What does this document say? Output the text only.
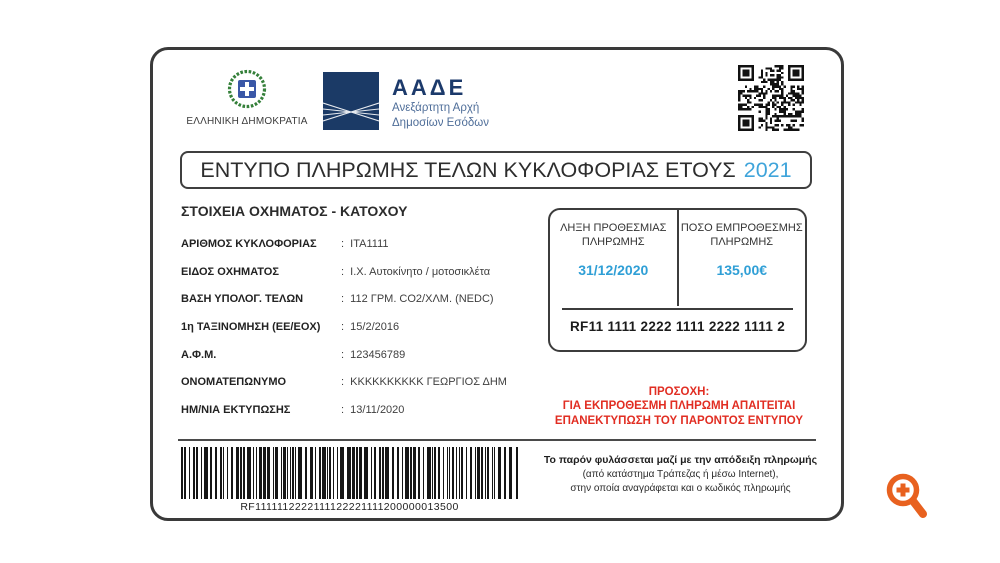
ΕΛΛΗΝΙΚΗ ΔΗΜΟΚΡΑΤΙΑ
ΑΑΔΕ
Ανεξάρτητη Αρχή
Δημοσίων Εσόδων
ΕΝΤΥΠΟ ΠΛΗΡΩΜΗΣ ΤΕΛΩΝ ΚΥΚΛΟΦΟΡΙΑΣ ΕΤΟΥΣ 2021
ΣΤΟΙΧΕΙΑ ΟΧΗΜΑΤΟΣ - ΚΑΤΟΧΟΥ
ΑΡΙΘΜΟΣ ΚΥΚΛΟΦΟΡΙΑΣ	:  ITA1111
ΕΙΔΟΣ ΟΧΗΜΑΤΟΣ	:  Ι.Χ. Αυτοκίνητο / μοτοσικλέτα
ΒΑΣΗ ΥΠΟΛΟΓ. ΤΕΛΩΝ	:  112 ΓΡΜ. CO2/ΧΛΜ. (NEDC)
1η ΤΑΞΙΝΟΜΗΣΗ (ΕΕ/ΕΟΧ)	:  15/2/2016
Α.Φ.Μ.	:  123456789
ΟΝΟΜΑΤΕΠΩΝΥΜΟ	:  ΚΚΚΚΚΚΚΚΚΚ ΓΕΩΡΓΙΟΣ ΔΗΜ
ΗΜ/ΝΙΑ ΕΚΤΥΠΩΣΗΣ	:  13/11/2020
ΛΗΞΗ ΠΡΟΘΕΣΜΙΑΣ ΠΛΗΡΩΜΗΣ
31/12/2020
ΠΟΣΟ ΕΜΠΡΟΘΕΣΜΗΣ ΠΛΗΡΩΜΗΣ
135,00€
RF11 1111 2222 1111 2222 1111 2
ΠΡΟΣΟΧΗ:
ΓΙΑ ΕΚΠΡΟΘΕΣΜΗ ΠΛΗΡΩΜΗ ΑΠΑΙΤΕΙΤΑΙ
ΕΠΑΝΕΚΤΥΠΩΣΗ ΤΟΥ ΠΑΡΟΝΤΟΣ ΕΝΤΥΠΟΥ
RF1111112222111122221111200000013500
Το παρόν φυλάσσεται μαζί με την απόδειξη πληρωμής
(από κατάστημα Τράπεζας ή μέσω Internet),
στην οποία αναγράφεται και ο κωδικός πληρωμής
